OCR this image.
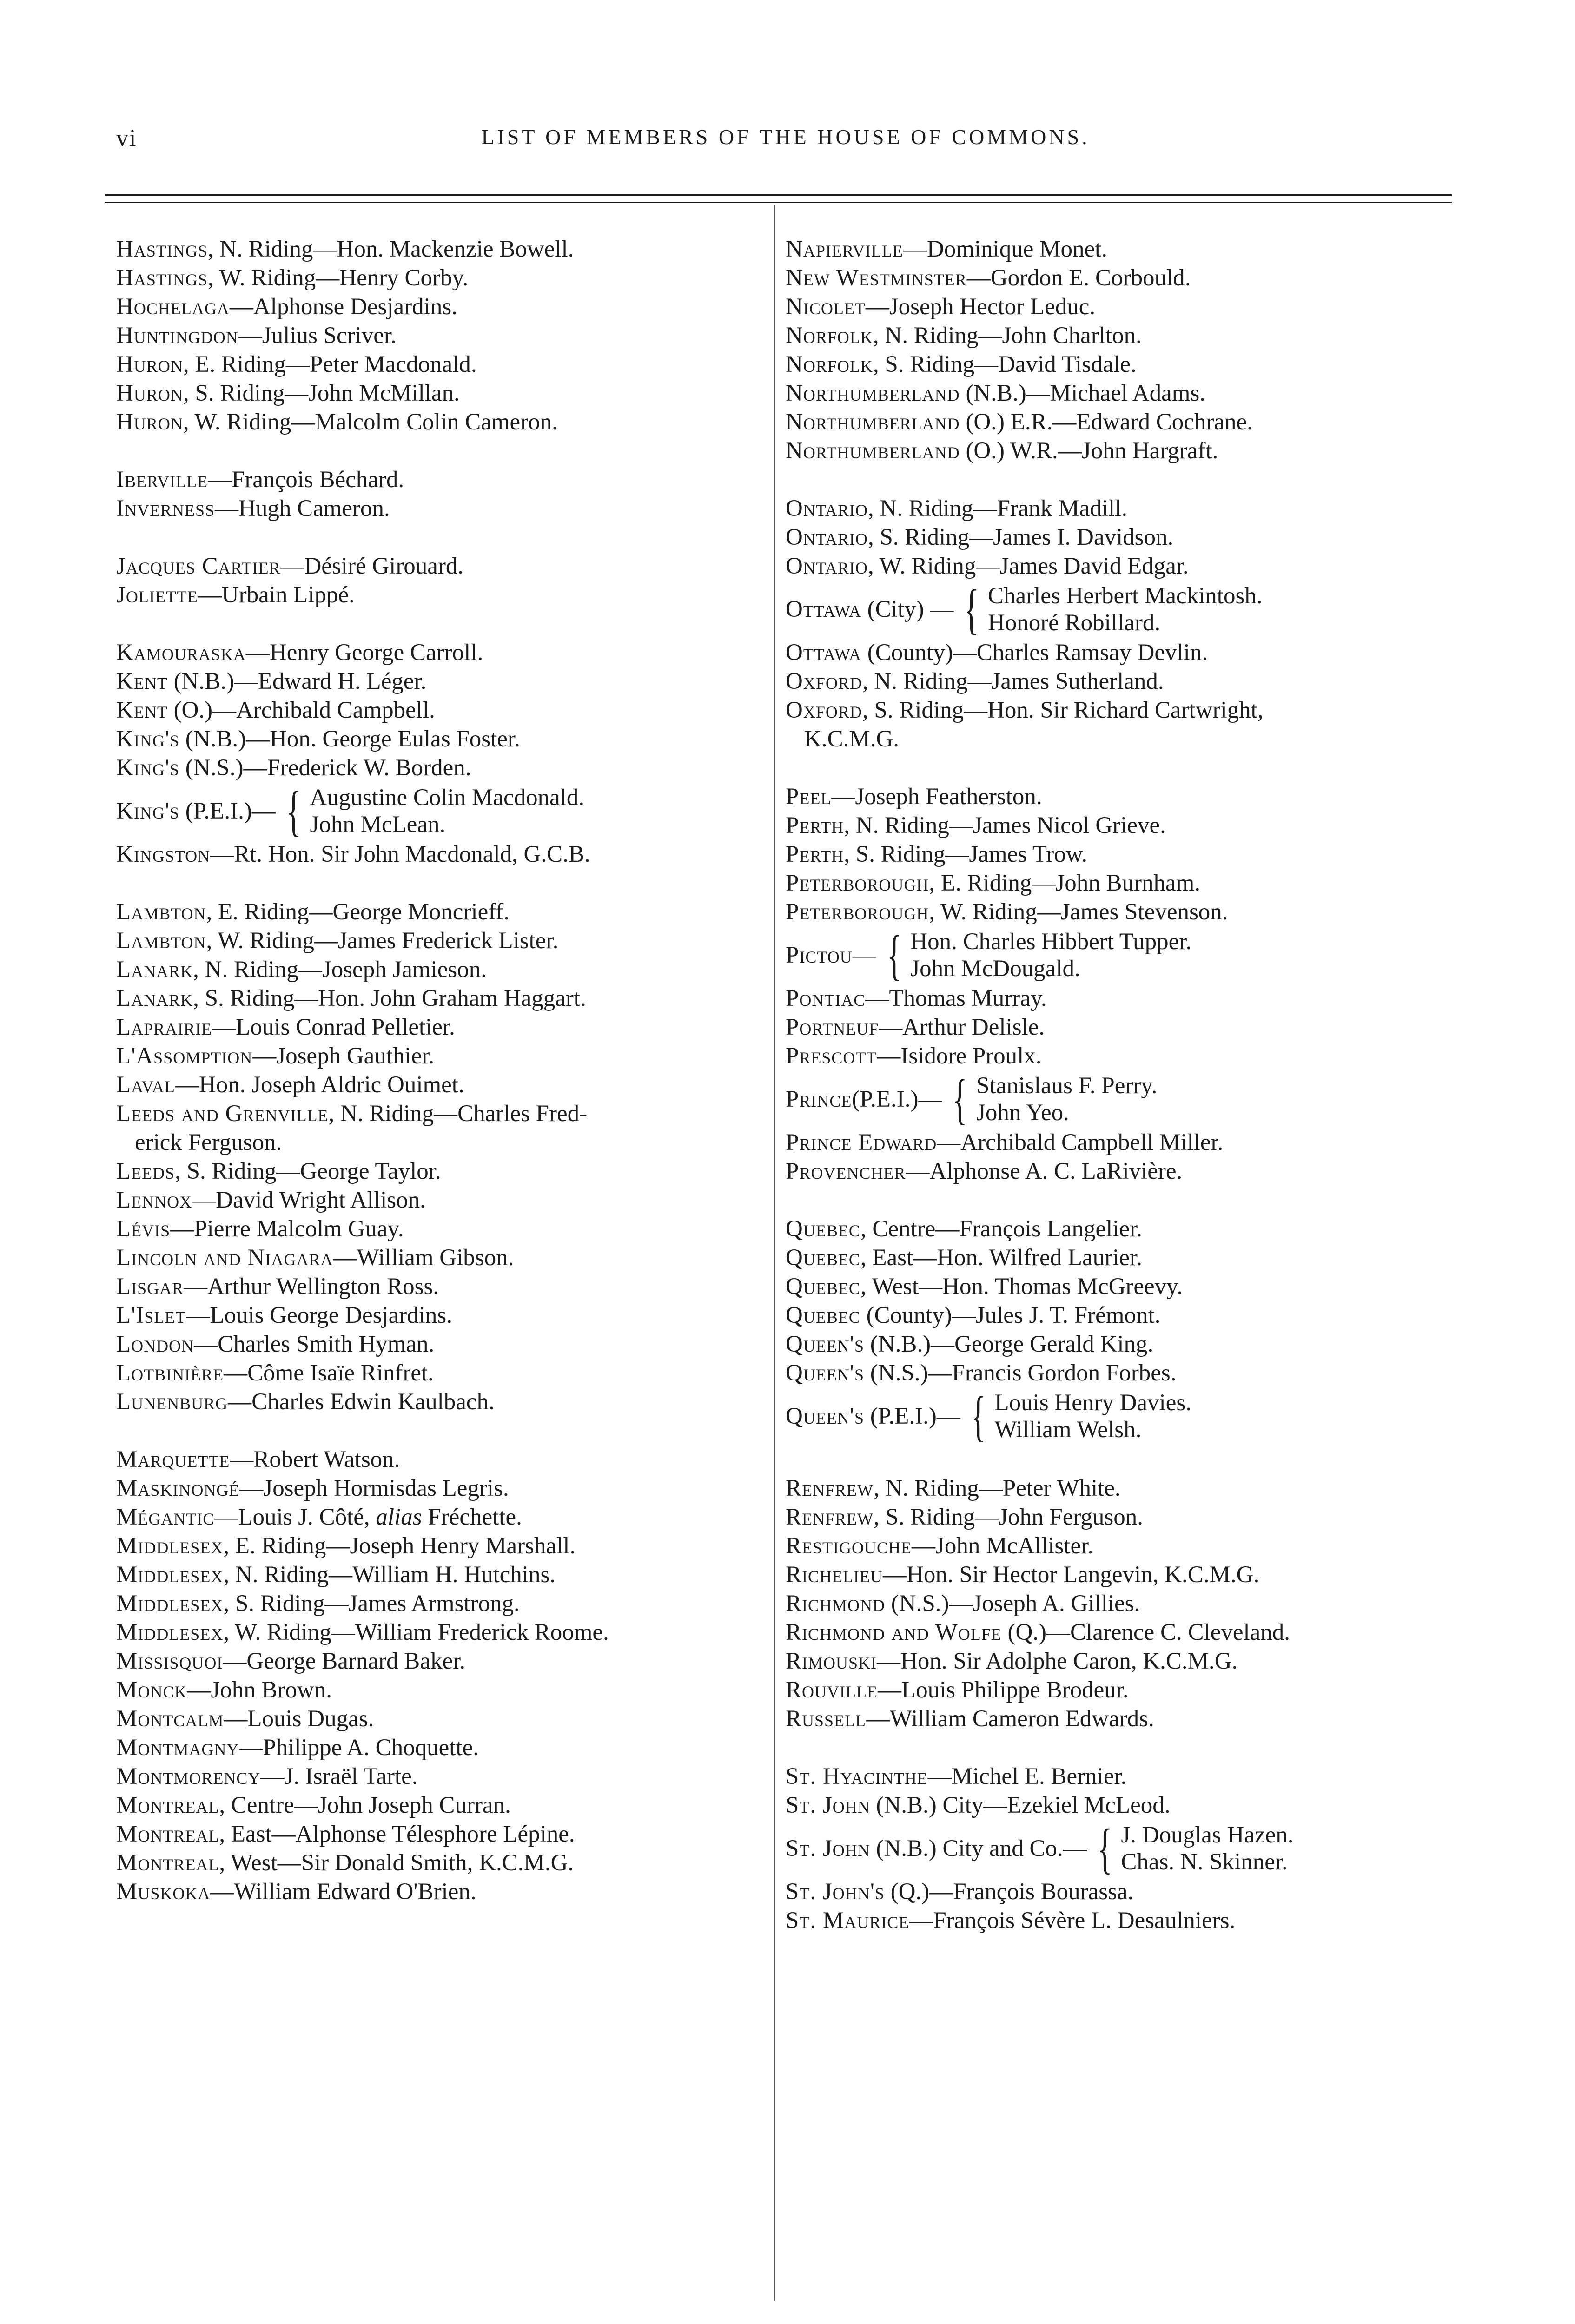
vi	LIST OF MEMBERS OF THE HOUSE OF COMMONS.
Hastings, N. Riding—Hon. Mackenzie Bowell.
Hastings, W. Riding—Henry Corby.
Hochelaga—Alphonse Desjardins.
Huntingdon—Julius Scriver.
Huron, E. Riding—Peter Macdonald.
Huron, S. Riding—John McMillan.
Huron, W. Riding—Malcolm Colin Cameron.
Iberville—François Béchard.
Inverness—Hugh Cameron.
Jacques Cartier—Désiré Girouard.
Joliette—Urbain Lippé.
Kamouraska—Henry George Carroll.
Kent (N.B.)—Edward H. Léger.
Kent (O.)—Archibald Campbell.
King's (N.B.)—Hon. George Eulas Foster.
King's (N.S.)—Frederick W. Borden.
King's (P.E.I.)— { Augustine Colin Macdonald.
John McLean.
Kingston—Rt. Hon. Sir John Macdonald, G.C.B.
Lambton, E. Riding—George Moncrieff.
Lambton, W. Riding—James Frederick Lister.
Lanark, N. Riding—Joseph Jamieson.
Lanark, S. Riding—Hon. John Graham Haggart.
Laprairie—Louis Conrad Pelletier.
L'Assomption—Joseph Gauthier.
Laval—Hon. Joseph Aldric Ouimet.
Leeds and Grenville, N. Riding—Charles Fred-
erick Ferguson.
Leeds, S. Riding—George Taylor.
Lennox—David Wright Allison.
Lévis—Pierre Malcolm Guay.
Lincoln and Niagara—William Gibson.
Lisgar—Arthur Wellington Ross.
L'Islet—Louis George Desjardins.
London—Charles Smith Hyman.
Lotbinière—Côme Isaïe Rinfret.
Lunenburg—Charles Edwin Kaulbach.
Marquette—Robert Watson.
Maskinongé—Joseph Hormisdas Legris.
Mégantic—Louis J. Côté, alias Fréchette.
Middlesex, E. Riding—Joseph Henry Marshall.
Middlesex, N. Riding—William H. Hutchins.
Middlesex, S. Riding—James Armstrong.
Middlesex, W. Riding—William Frederick Roome.
Missisquoi—George Barnard Baker.
Monck—John Brown.
Montcalm—Louis Dugas.
Montmagny—Philippe A. Choquette.
Montmorency—J. Israël Tarte.
Montreal, Centre—John Joseph Curran.
Montreal, East—Alphonse Télesphore Lépine.
Montreal, West—Sir Donald Smith, K.C.M.G.
Muskoka—William Edward O'Brien.
Napierville—Dominique Monet.
New Westminster—Gordon E. Corbould.
Nicolet—Joseph Hector Leduc.
Norfolk, N. Riding—John Charlton.
Norfolk, S. Riding—David Tisdale.
Northumberland (N.B.)—Michael Adams.
Northumberland (O.) E.R.—Edward Cochrane.
Northumberland (O.) W.R.—John Hargraft.
Ontario, N. Riding—Frank Madill.
Ontario, S. Riding—James I. Davidson.
Ontario, W. Riding—James David Edgar.
Ottawa (City) — { Charles Herbert Mackintosh.
Honoré Robillard.
Ottawa (County)—Charles Ramsay Devlin.
Oxford, N. Riding—James Sutherland.
Oxford, S. Riding—Hon. Sir Richard Cartwright,
K.C.M.G.
Peel—Joseph Featherston.
Perth, N. Riding—James Nicol Grieve.
Perth, S. Riding—James Trow.
Peterborough, E. Riding—John Burnham.
Peterborough, W. Riding—James Stevenson.
Pictou— { Hon. Charles Hibbert Tupper.
John McDougald.
Pontiac—Thomas Murray.
Portneuf—Arthur Delisle.
Prescott—Isidore Proulx.
Prince(P.E.I.)— { Stanislaus F. Perry.
John Yeo.
Prince Edward—Archibald Campbell Miller.
Provencher—Alphonse A. C. LaRivière.
Quebec, Centre—François Langelier.
Quebec, East—Hon. Wilfred Laurier.
Quebec, West—Hon. Thomas McGreevy.
Quebec (County)—Jules J. T. Frémont.
Queen's (N.B.)—George Gerald King.
Queen's (N.S.)—Francis Gordon Forbes.
Queen's (P.E.I.)— { Louis Henry Davies.
William Welsh.
Renfrew, N. Riding—Peter White.
Renfrew, S. Riding—John Ferguson.
Restigouche—John McAllister.
Richelieu—Hon. Sir Hector Langevin, K.C.M.G.
Richmond (N.S.)—Joseph A. Gillies.
Richmond and Wolfe (Q.)—Clarence C. Cleveland.
Rimouski—Hon. Sir Adolphe Caron, K.C.M.G.
Rouville—Louis Philippe Brodeur.
Russell—William Cameron Edwards.
St. Hyacinthe—Michel E. Bernier.
St. John (N.B.) City—Ezekiel McLeod.
St. John (N.B.) City and Co.— { J. Douglas Hazen.
Chas. N. Skinner.
St. John's (Q.)—François Bourassa.
St. Maurice—François Sévère L. Desaulniers.
